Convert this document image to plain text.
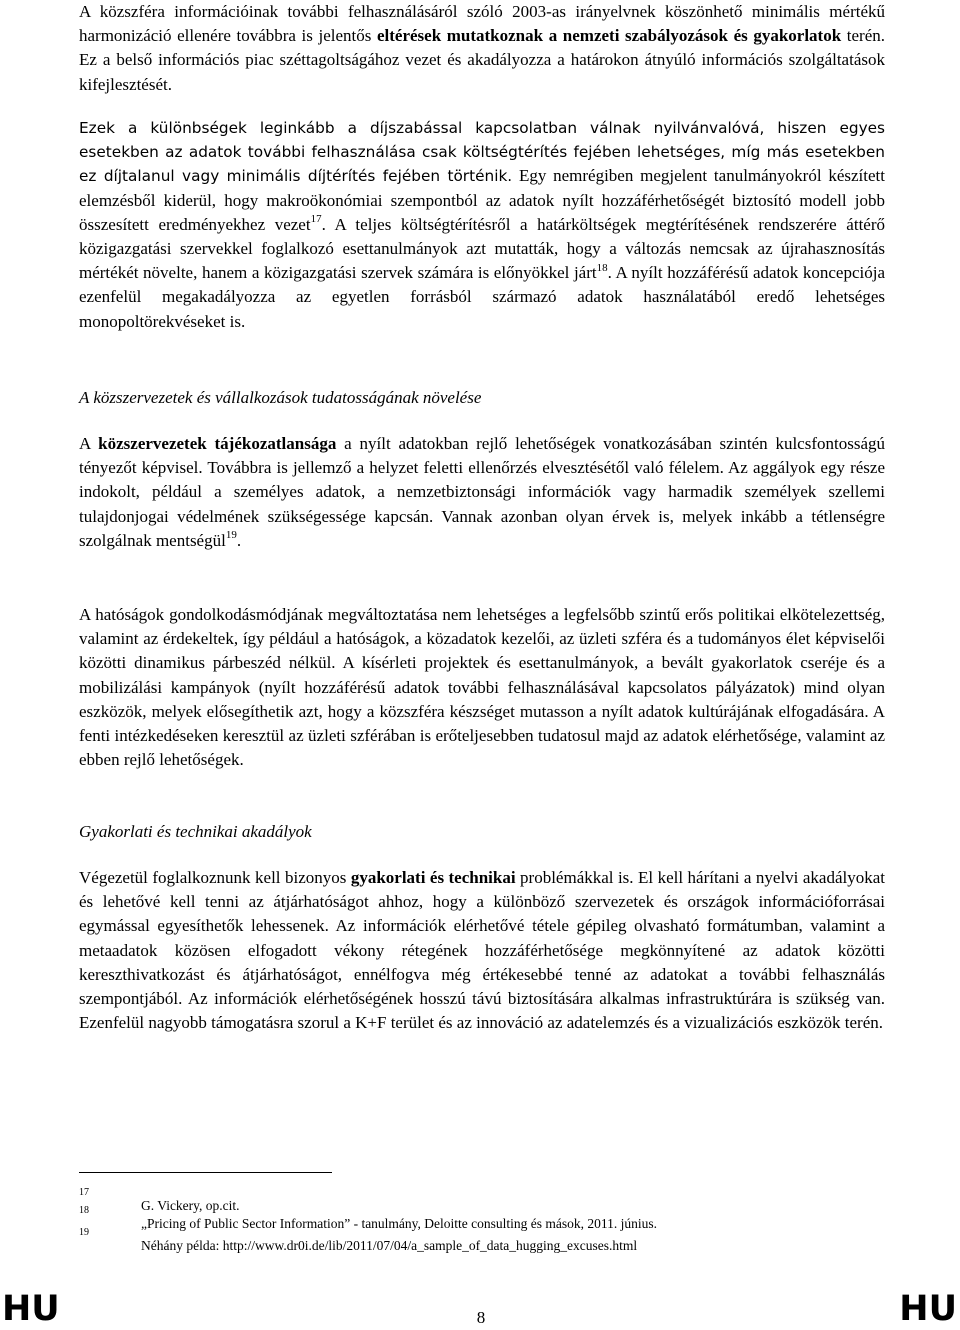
A közszféra információinak további felhasználásáról szóló 2003-as irányelvnek köszönhető minimális mértékű harmonizáció ellenére továbbra is jelentős eltérések mutatkoznak a nemzeti szabályozások és gyakorlatok terén. Ez a belső információs piac széttagoltságához vezet és akadályozza a határokon átnyúló információs szolgáltatások kifejlesztését.

Ezek a különbségek leginkább a díjszabással kapcsolatban válnak nyilvánvalóvá, hiszen egyes esetekben az adatok további felhasználása csak költségtérítés fejében lehetséges, míg más esetekben ez díjtalanul vagy minimális díjtérítés fejében történik. Egy nemrégiben megjelent tanulmányokról készített elemzésből kiderül, hogy makroökonómiai szempontból az adatok nyílt hozzáférhetőségét biztosító modell jobb összesített eredményekhez vezet$^{17}$. A teljes költségtérítésről a határköltségek megtérítésének rendszerére áttérő közigazgatási szervekkel foglalkozó esettanulmányok azt mutatták, hogy a változás nemcsak az újrahasznosítás mértékét növelte, hanem a közigazgatási szervek számára is előnyökkel járt$^{18}$. A nyílt hozzáférésű adatok koncepciója ezenfelül megakadályozza az egyetlen forrásból származó adatok használatából eredő lehetséges monopoltörekvéseket is.

A közszervezetek és vállalkozások tudatosságának növelése

A közszervezetek tájékozatlansága a nyílt adatokban rejlő lehetőségek vonatkozásában szintén kulcsfontosságú tényezőt képvisel. Továbbra is jellemző a helyzet feletti ellenőrzés elvesztésétől való félelem. Az aggályok egy része indokolt, például a személyes adatok, a nemzetbiztonsági információk vagy harmadik személyek szellemi tulajdonjogai védelmének szükségessége kapcsán. Vannak azonban olyan érvek is, melyek inkább a tétlenségre szolgálnak mentségül$^{19}$.

A hatóságok gondolkodásmódjának megváltoztatása nem lehetséges a legfelsőbb szintű erős politikai elkötelezettség, valamint az érdekeltek, így például a hatóságok, a közadatok kezelői, az üzleti szféra és a tudományos élet képviselői közötti dinamikus párbeszéd nélkül. A kísérleti projektek és esettanulmányok, a bevált gyakorlatok cseréje és a mobilizálási kampányok (nyílt hozzáférésű adatok további felhasználásával kapcsolatos pályázatok) mind olyan eszközök, melyek elősegíthetik azt, hogy a közszféra készséget mutasson a nyílt adatok kultúrájának elfogadására. A fenti intézkedéseken keresztül az üzleti szférában is erőteljesebben tudatosul majd az adatok elérhetősége, valamint az ebben rejlő lehetőségek.

Gyakorlati és technikai akadályok

Végezetül foglalkoznunk kell bizonyos gyakorlati és technikai problémákkal is. El kell hárítani a nyelvi akadályokat és lehetővé kell tenni az átjárhatóságot ahhoz, hogy a különböző szervezetek és országok információforrásai egymással egyesíthetők lehessenek. Az információk elérhetővé tétele gépileg olvasható formátumban, valamint a metaadatok közösen elfogadott vékony rétegének hozzáférhetősége megkönnyítené az adatok közötti kereszthivatkozást és átjárhatóságot, ennélfogva még értékesebbé tenné az adatokat a további felhasználás szempontjából. Az információk elérhetőségének hosszú távú biztosítására alkalmas infrastruktúrára is szükség van. Ezenfelül nagyobb támogatásra szorul a K+F terület és az innováció az adatelemzés és a vizualizációs eszközök terén.

17
G. Vickery, op.cit.
18
„Pricing of Public Sector Information” - tanulmány, Deloitte consulting és mások, 2011. június.
19
Néhány példa: http://www.dr0i.de/lib/2011/07/04/a_sample_of_data_hugging_excuses.html
HU	8	HU
